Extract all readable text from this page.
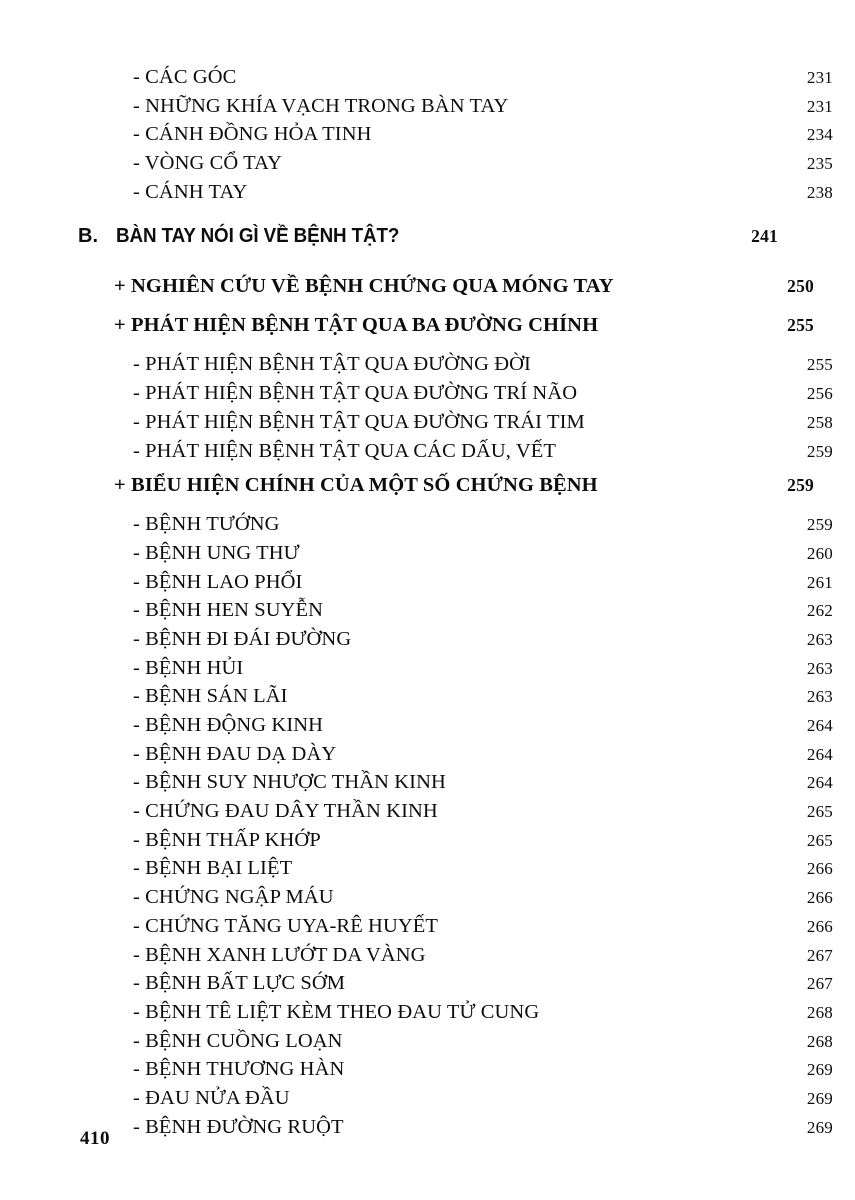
- CÁC GÓC	231
- NHỮNG KHÍA VẠCH TRONG BÀN TAY	231
- CÁNH ĐỒNG HỎA TINH	234
- VÒNG CỔ TAY	235
- CÁNH TAY	238
B. BÀN TAY NÓI GÌ VỀ BỆNH TẬT?	241
+ NGHIÊN CỨU VỀ BỆNH CHỨNG QUA MÓNG TAY	250
+ PHÁT HIỆN BỆNH TẬT QUA BA ĐƯỜNG CHÍNH	255
- PHÁT HIỆN BỆNH TẬT QUA ĐƯỜNG ĐỜI	255
- PHÁT HIỆN BỆNH TẬT QUA ĐƯỜNG TRÍ NÃO	256
- PHÁT HIỆN BỆNH TẬT QUA ĐƯỜNG TRÁI TIM	258
- PHÁT HIỆN BỆNH TẬT QUA CÁC DẤU, VẾT	259
+ BIỂU HIỆN CHÍNH CỦA MỘT SỐ CHỨNG BỆNH	259
- BỆNH TƯỚNG	259
- BỆNH UNG THƯ	260
- BỆNH LAO PHỔI	261
- BỆNH HEN SUYỄN	262
- BỆNH ĐI ĐÁI ĐƯỜNG	263
- BỆNH HỦI	263
- BỆNH SÁN LÃI	263
- BỆNH ĐỘNG KINH	264
- BỆNH ĐAU DẠ DÀY	264
- BỆNH SUY NHƯỢC THẦN KINH	264
- CHỨNG ĐAU DÂY THẦN KINH	265
- BỆNH THẤP KHỚP	265
- BỆNH BẠI LIỆT	266
- CHỨNG NGẬP MÁU	266
- CHỨNG TĂNG UYA-RÊ HUYẾT	266
- BỆNH XANH LƯỚT DA VÀNG	267
- BỆNH BẤT LỰC SỚM	267
- BỆNH TÊ LIỆT KÈM THEO ĐAU TỬ CUNG	268
- BỆNH CUỒNG LOẠN	268
- BỆNH THƯƠNG HÀN	269
- ĐAU NỬA ĐẦU	269
- BỆNH ĐƯỜNG RUỘT	269
410
